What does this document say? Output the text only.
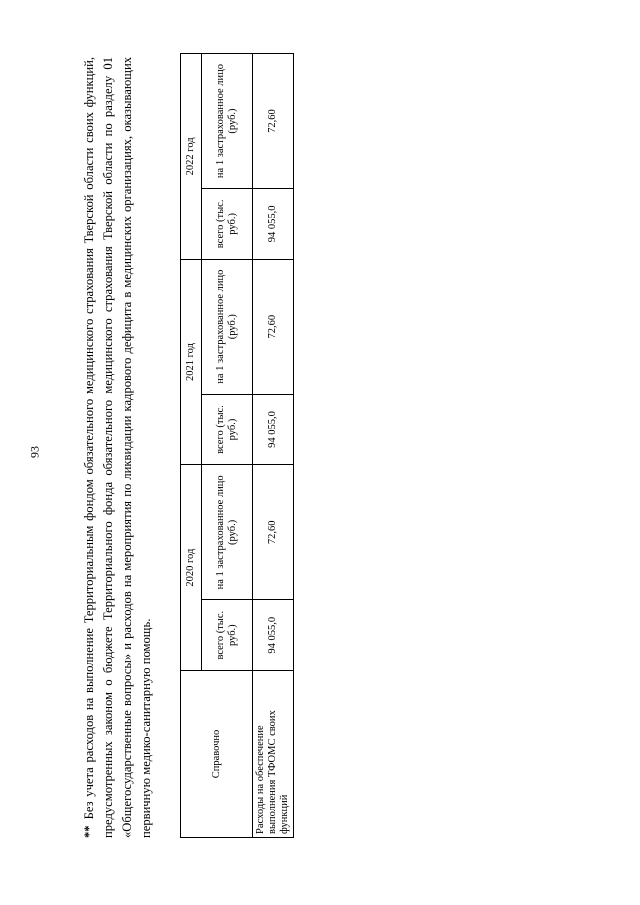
93

**Без учета расходов на выполнение Территориальным фондом обязательного медицинского страхования Тверской области своих функций, предусмотренных законом о бюджете Территориального фонда обязательного медицинского страхования Тверской области по разделу 01 «Общегосударственные вопросы» и расходов на мероприятия по ликвидации кадрового дефицита в медицинских организациях, оказывающих первичную медико-санитарную помощь.	Справочно	2020 год		2021 год		2022 год	
	всего (тыс. руб.)	на 1 застрахованное лицо (руб.)	всего (тыс. руб.)	на 1 застрахованное лицо (руб.)	всего (тыс. руб.)	на 1 застрахованное лицо (руб.)
Расходы на обеспечение выполнения ТФОМС своих функций	94 055,0	72,60	94 055,0	72,60	94 055,0	72,60
